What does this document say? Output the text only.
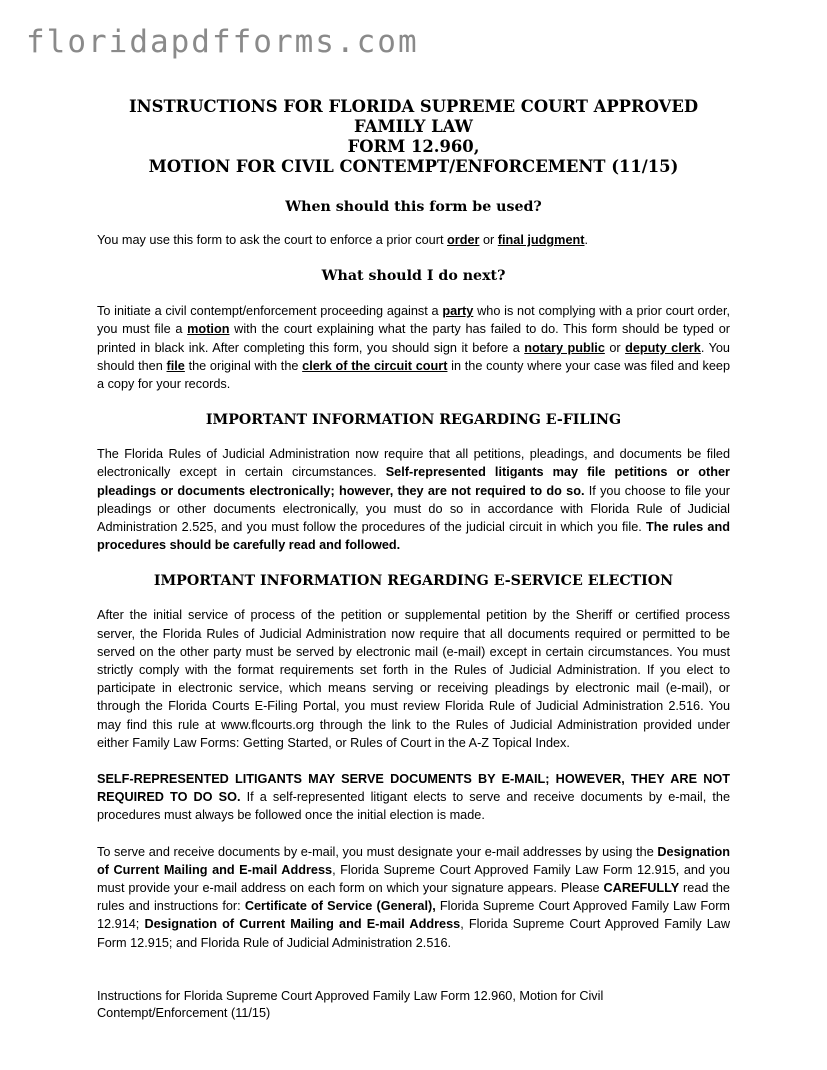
floridapdfforms.com

INSTRUCTIONS FOR FLORIDA SUPREME COURT APPROVED FAMILY LAW

FORM 12.960,

MOTION FOR CIVIL CONTEMPT/ENFORCEMENT (11/15)

When should this form be used?

You may use this form to ask the court to enforce a prior court order or final judgment.

What should I do next?

To initiate a civil contempt/enforcement proceeding against a party who is not complying with a prior court order, you must file a motion with the court explaining what the party has failed to do. This form should be typed or printed in black ink. After completing this form, you should sign it before a notary public or deputy clerk. You should then file the original with the clerk of the circuit court in the county where your case was filed and keep a copy for your records.

IMPORTANT INFORMATION REGARDING E-FILING

The Florida Rules of Judicial Administration now require that all petitions, pleadings, and documents be filed electronically except in certain circumstances. Self-represented litigants may file petitions or other pleadings or documents electronically; however, they are not required to do so. If you choose to file your pleadings or other documents electronically, you must do so in accordance with Florida Rule of Judicial Administration 2.525, and you must follow the procedures of the judicial circuit in which you file. The rules and procedures should be carefully read and followed.

IMPORTANT INFORMATION REGARDING E-SERVICE ELECTION

After the initial service of process of the petition or supplemental petition by the Sheriff or certified process server, the Florida Rules of Judicial Administration now require that all documents required or permitted to be served on the other party must be served by electronic mail (e-mail) except in certain circumstances. You must strictly comply with the format requirements set forth in the Rules of Judicial Administration. If you elect to participate in electronic service, which means serving or receiving pleadings by electronic mail (e-mail), or through the Florida Courts E-Filing Portal, you must review Florida Rule of Judicial Administration 2.516. You may find this rule at www.flcourts.org through the link to the Rules of Judicial Administration provided under either Family Law Forms: Getting Started, or Rules of Court in the A-Z Topical Index.

SELF-REPRESENTED LITIGANTS MAY SERVE DOCUMENTS BY E-MAIL; HOWEVER, THEY ARE NOT REQUIRED TO DO SO. If a self-represented litigant elects to serve and receive documents by e-mail, the procedures must always be followed once the initial election is made.

To serve and receive documents by e-mail, you must designate your e-mail addresses by using the Designation of Current Mailing and E-mail Address, Florida Supreme Court Approved Family Law Form 12.915, and you must provide your e-mail address on each form on which your signature appears. Please CAREFULLY read the rules and instructions for: Certificate of Service (General), Florida Supreme Court Approved Family Law Form 12.914; Designation of Current Mailing and E-mail Address, Florida Supreme Court Approved Family Law Form 12.915; and Florida Rule of Judicial Administration 2.516.

Instructions for Florida Supreme Court Approved Family Law Form 12.960, Motion for Civil
Contempt/Enforcement (11/15)
